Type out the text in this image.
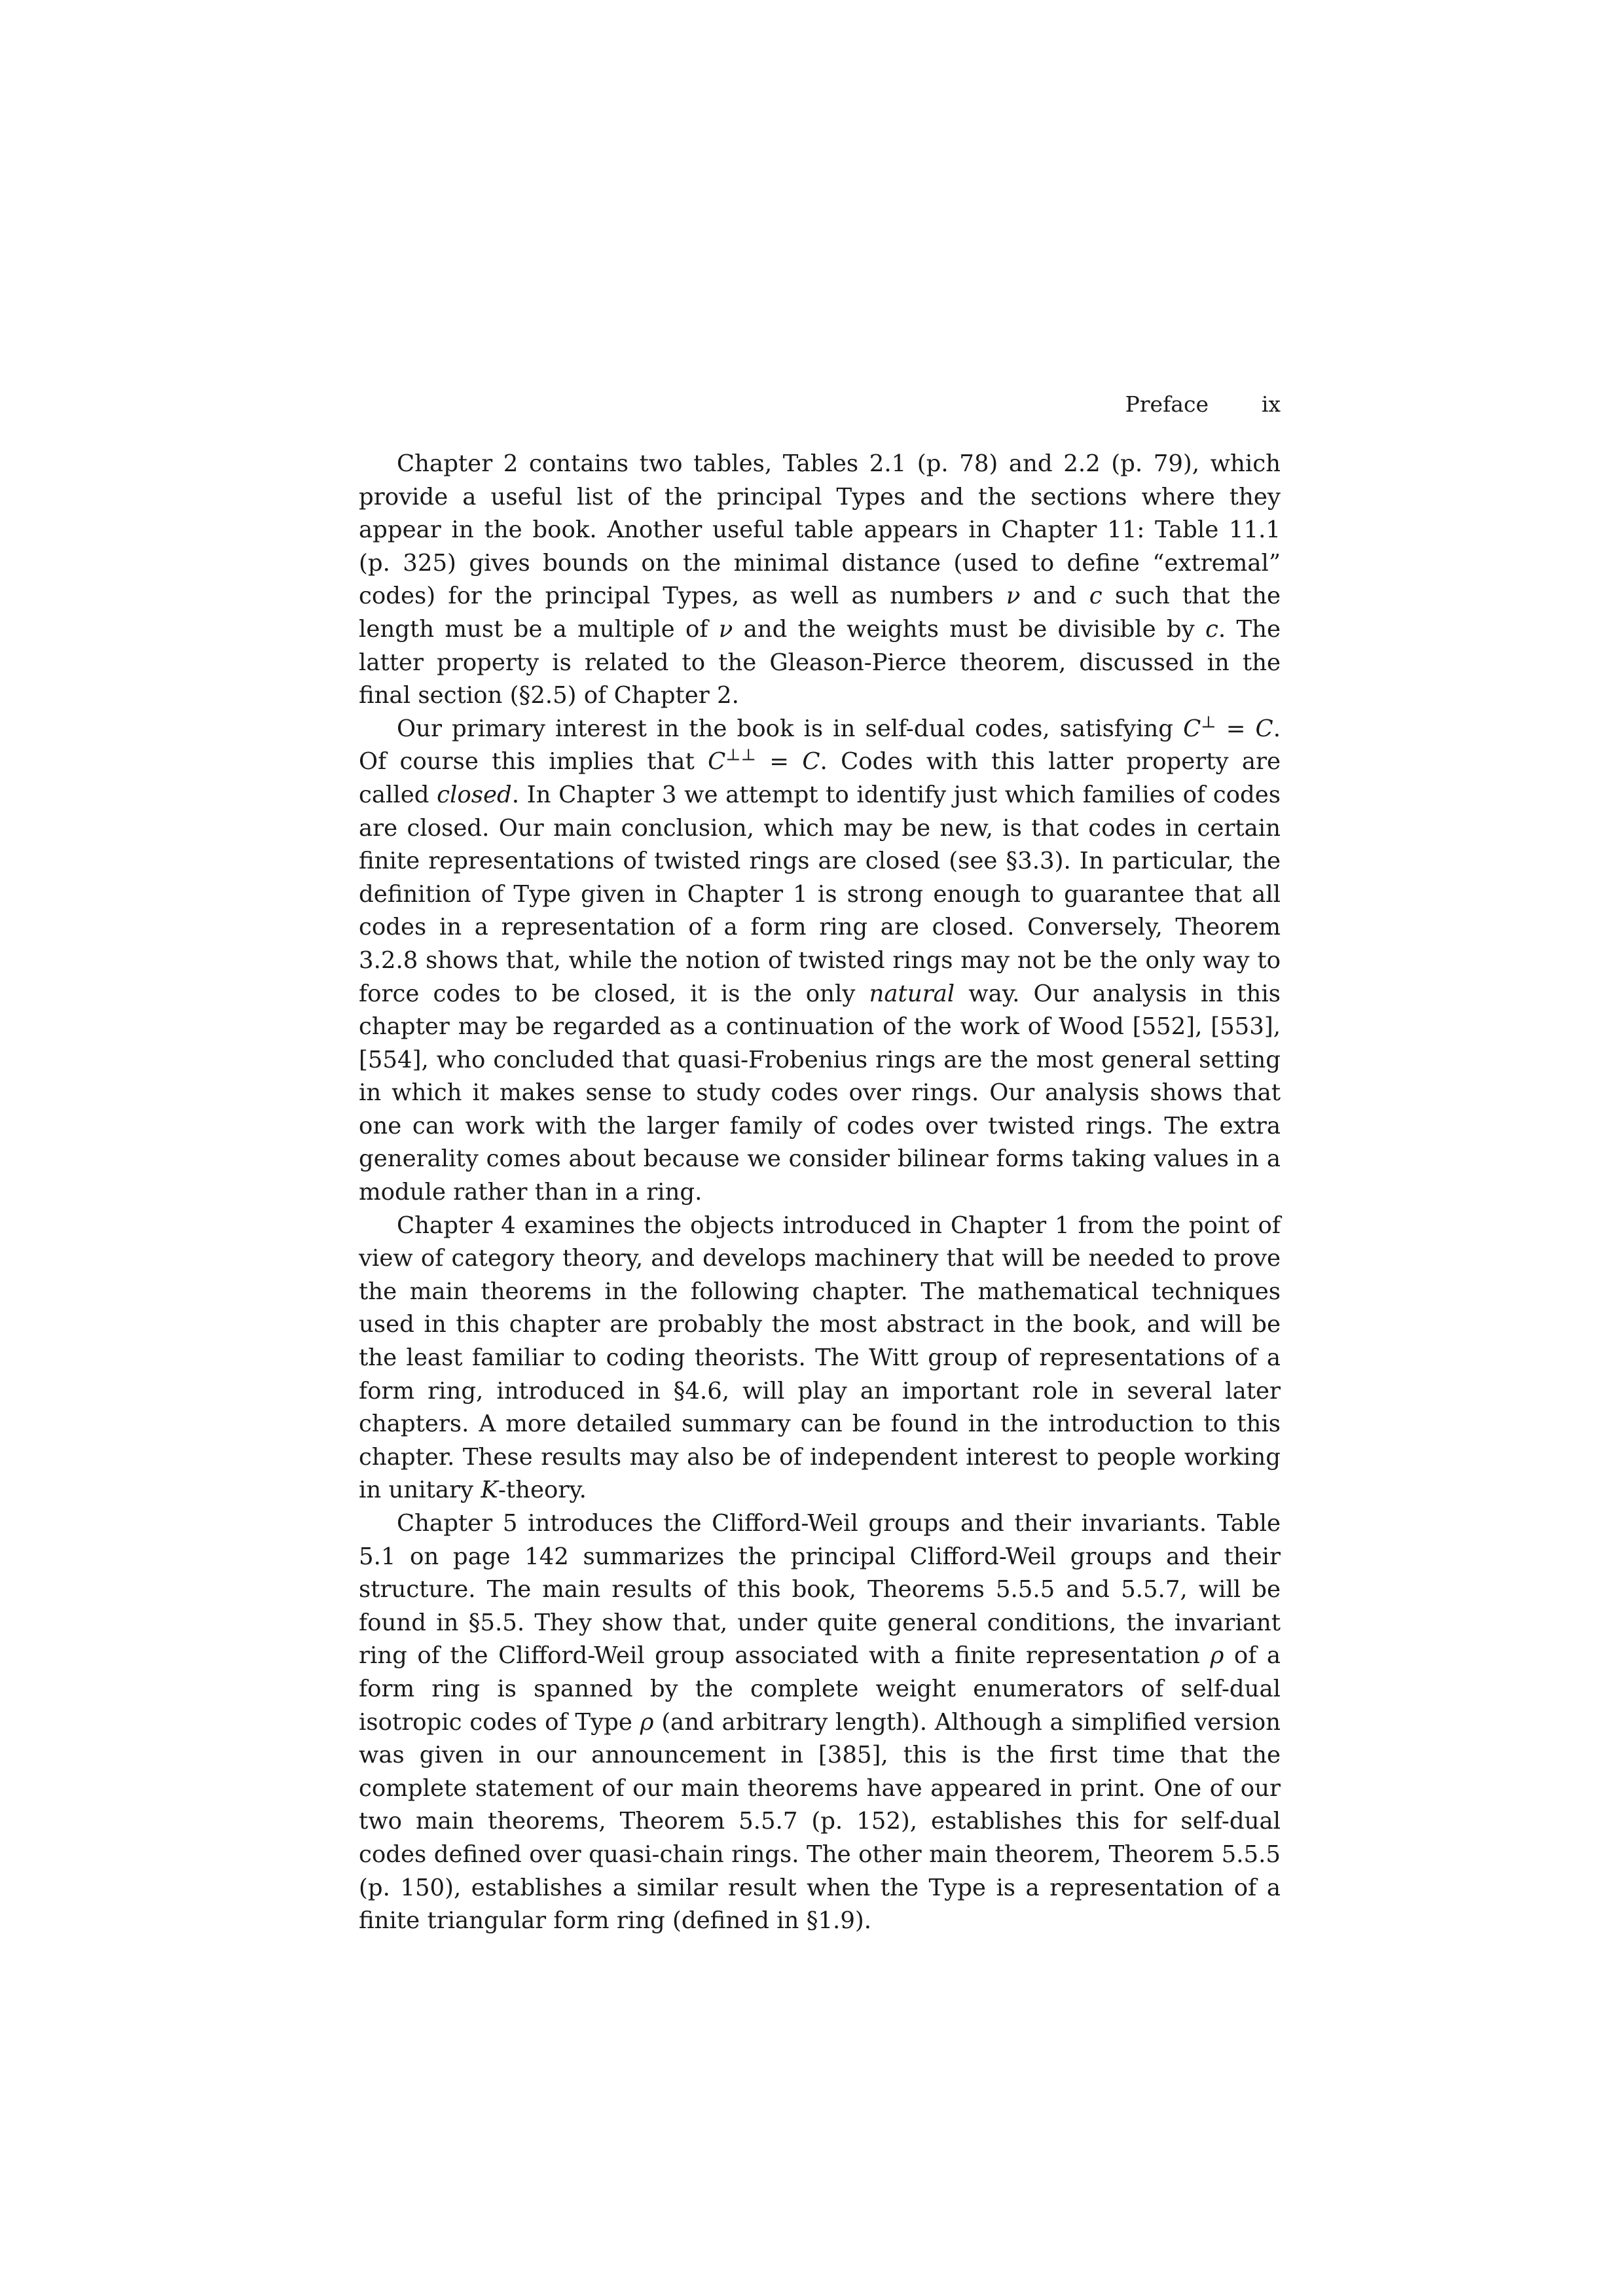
Preface ix

Chapter 2 contains two tables, Tables 2.1 (p. 78) and 2.2 (p. 79), which provide a useful list of the principal Types and the sections where they appear in the book. Another useful table appears in Chapter 11: Table 11.1 (p. 325) gives bounds on the minimal distance (used to define “extremal” codes) for the principal Types, as well as numbers ν and c such that the length must be a multiple of ν and the weights must be divisible by c. The latter property is related to the Gleason-Pierce theorem, discussed in the final section (§2.5) of Chapter 2.

Our primary interest in the book is in self-dual codes, satisfying C⊥ = C. Of course this implies that C⊥⊥ = C. Codes with this latter property are called closed. In Chapter 3 we attempt to identify just which families of codes are closed. Our main conclusion, which may be new, is that codes in certain finite representations of twisted rings are closed (see §3.3). In particular, the definition of Type given in Chapter 1 is strong enough to guarantee that all codes in a representation of a form ring are closed. Conversely, Theorem 3.2.8 shows that, while the notion of twisted rings may not be the only way to force codes to be closed, it is the only natural way. Our analysis in this chapter may be regarded as a continuation of the work of Wood [552], [553], [554], who concluded that quasi-Frobenius rings are the most general setting in which it makes sense to study codes over rings. Our analysis shows that one can work with the larger family of codes over twisted rings. The extra generality comes about because we consider bilinear forms taking values in a module rather than in a ring.

Chapter 4 examines the objects introduced in Chapter 1 from the point of view of category theory, and develops machinery that will be needed to prove the main theorems in the following chapter. The mathematical techniques used in this chapter are probably the most abstract in the book, and will be the least familiar to coding theorists. The Witt group of representations of a form ring, introduced in §4.6, will play an important role in several later chapters. A more detailed summary can be found in the introduction to this chapter. These results may also be of independent interest to people working in unitary K-theory.

Chapter 5 introduces the Clifford-Weil groups and their invariants. Table 5.1 on page 142 summarizes the principal Clifford-Weil groups and their structure. The main results of this book, Theorems 5.5.5 and 5.5.7, will be found in §5.5. They show that, under quite general conditions, the invariant ring of the Clifford-Weil group associated with a finite representation ρ of a form ring is spanned by the complete weight enumerators of self-dual isotropic codes of Type ρ (and arbitrary length). Although a simplified version was given in our announcement in [385], this is the first time that the complete statement of our main theorems have appeared in print. One of our two main theorems, Theorem 5.5.7 (p. 152), establishes this for self-dual codes defined over quasi-chain rings. The other main theorem, Theorem 5.5.5 (p. 150), establishes a similar result when the Type is a representation of a finite triangular form ring (defined in §1.9).
